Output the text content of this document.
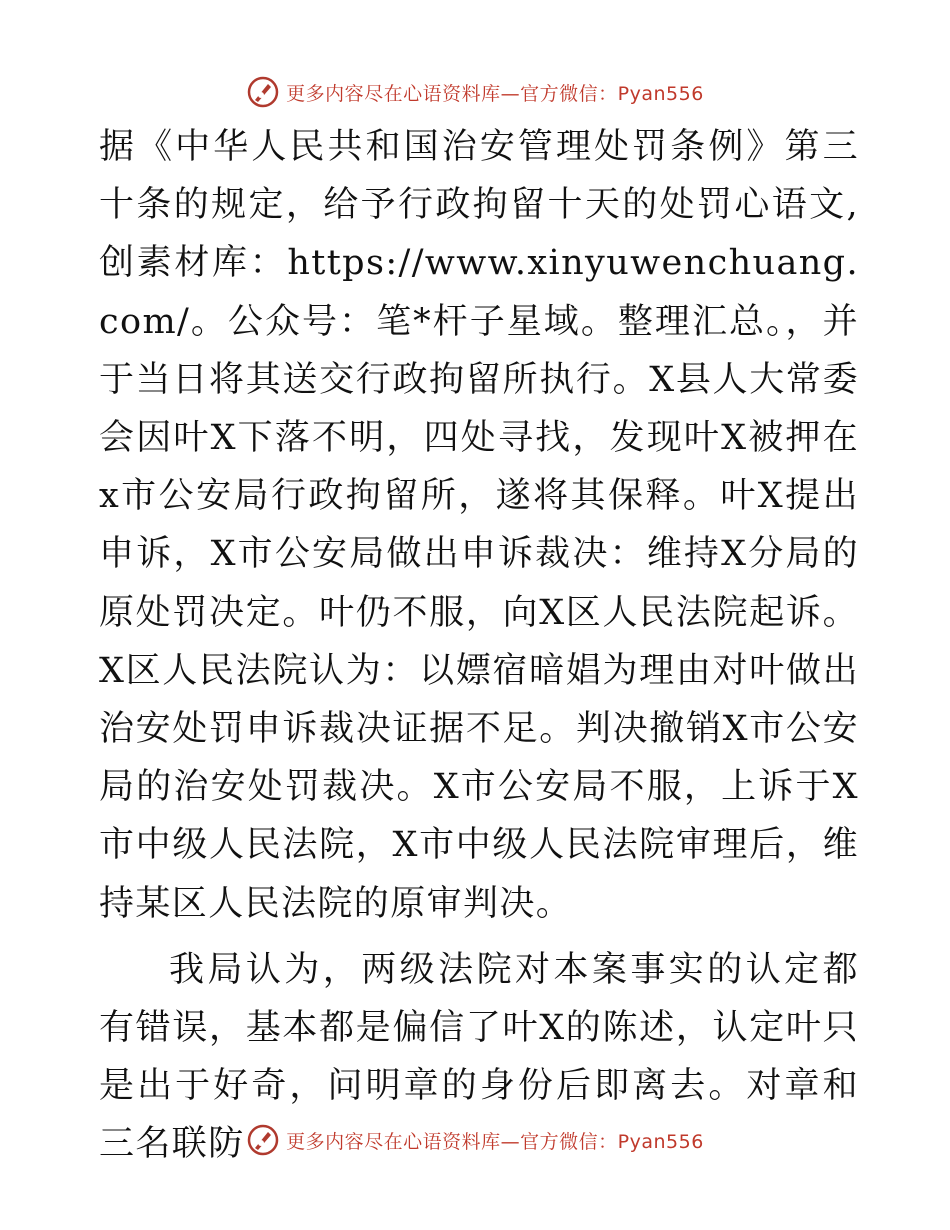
更多内容尽在心语资料库—官方微信：Pyan556

据《中华人民共和国治安管理处罚条例》第三十条的规定，给予行政拘留十天的处罚心语文,创素材库：https://www.xinyuwenchuang.com/。公众号：笔*杆子星域。整理汇总。，并于当日将其送交行政拘留所执行。X县人大常委会因叶X下落不明，四处寻找，发现叶X被押在x市公安局行政拘留所，遂将其保释。叶X提出申诉，X市公安局做出申诉裁决：维持X分局的原处罚决定。叶仍不服，向X区人民法院起诉。X区人民法院认为：以嫖宿暗娼为理由对叶做出治安处罚申诉裁决证据不足。判决撤销X市公安局的治安处罚裁决。X市公安局不服，上诉于X市中级人民法院，X市中级人民法院审理后，维持某区人民法院的原审判决。

我局认为，两级法院对本案事实的认定都有错误，基本都是偏信了叶X的陈述，认定叶只是出于好奇，问明章的身份后即离去。对章和三名联防	更多内容尽在心语资料库—官方微信：Pyan556
